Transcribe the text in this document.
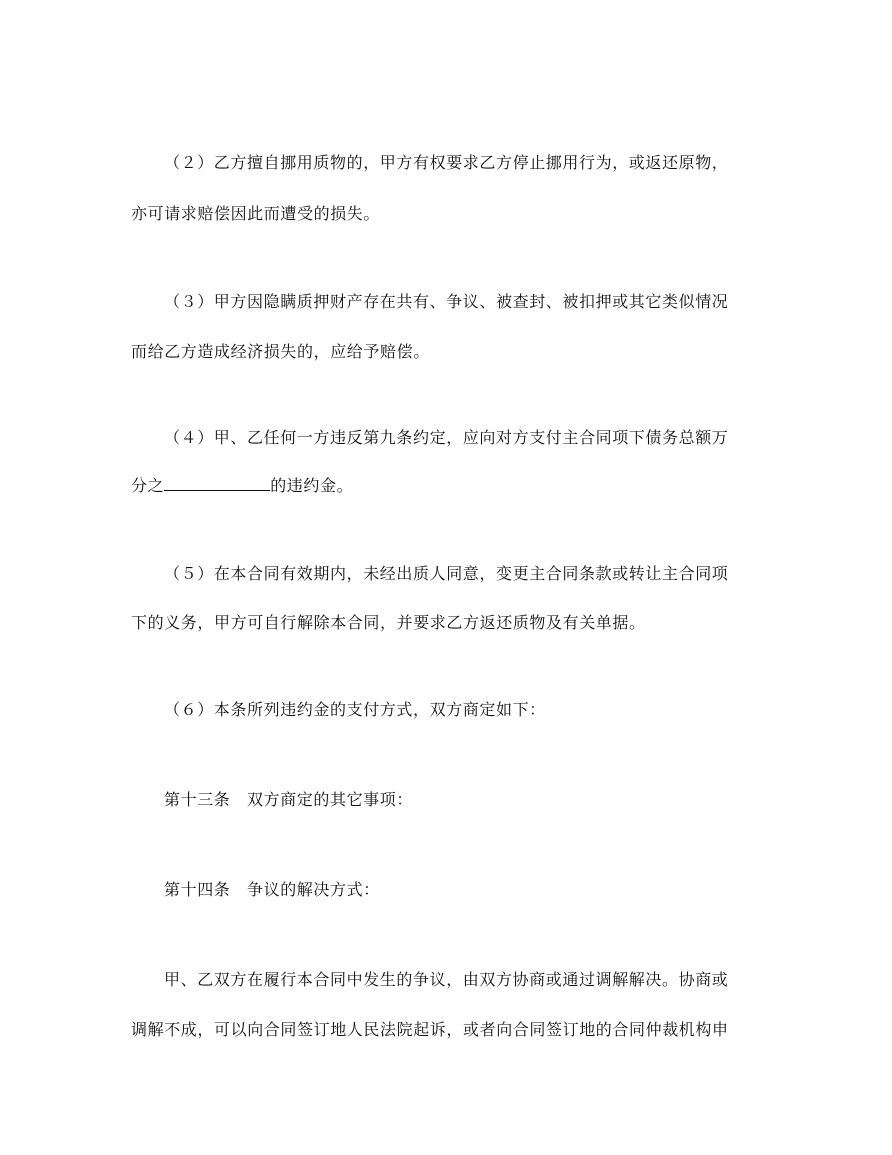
（２）乙方擅自挪用质物的，甲方有权要求乙方停止挪用行为，或返还原物，
亦可请求赔偿因此而遭受的损失。
（３）甲方因隐瞒质押财产存在共有、争议、被查封、被扣押或其它类似情况
而给乙方造成经济损失的，应给予赔偿。
（４）甲、乙任何一方违反第九条约定，应向对方支付主合同项下债务总额万
分之	的违约金。
（５）在本合同有效期内，未经出质人同意，变更主合同条款或转让主合同项
下的义务，甲方可自行解除本合同，并要求乙方返还质物及有关单据。
（６）本条所列违约金的支付方式，双方商定如下：
第十三条　双方商定的其它事项：
第十四条　争议的解决方式：
甲、乙双方在履行本合同中发生的争议，由双方协商或通过调解解决。协商或
调解不成，可以向合同签订地人民法院起诉，或者向合同签订地的合同仲裁机构申
